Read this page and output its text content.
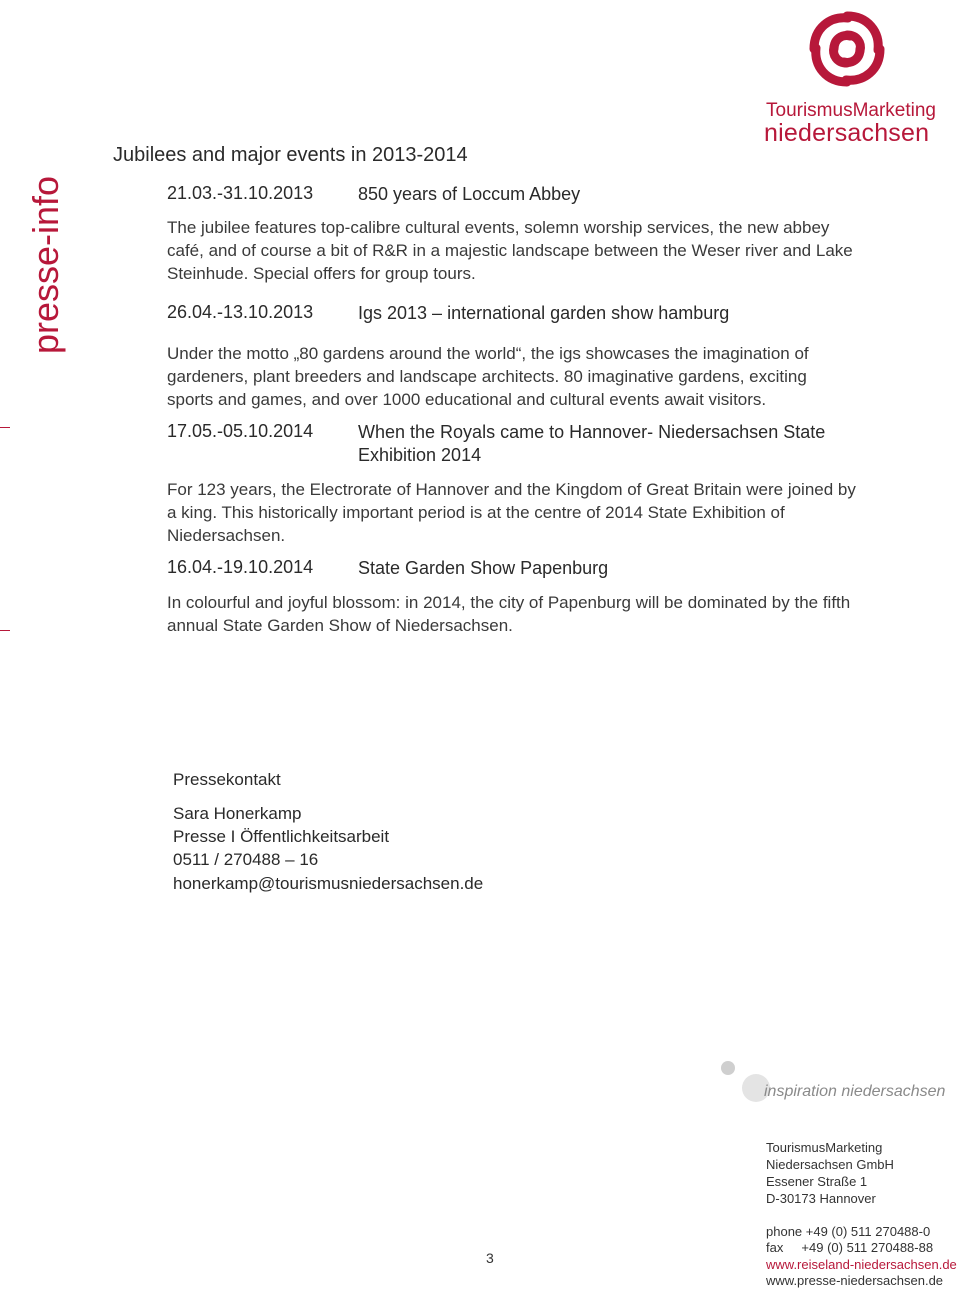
presse-info
TourismusMarketing
niedersachsen
Jubilees and major events in 2013-2014
21.03.-31.10.2013 850 years of Loccum Abbey
The jubilee features top-calibre cultural events, solemn worship services, the new abbey café, and of course a bit of R&R in a majestic landscape between the Weser river and Lake Steinhude. Special offers for group tours.
26.04.-13.10.2013 Igs 2013 – international garden show hamburg
Under the motto „80 gardens around the world“, the igs showcases the imagination of gardeners, plant breeders and landscape architects. 80 imaginative gardens, exciting sports and games, and over 1000 educational and cultural events await visitors.
17.05.-05.10.2014 When the Royals came to Hannover- Niedersachsen State Exhibition 2014
For 123 years, the Electrorate of Hannover and the Kingdom of Great Britain were joined by a king. This historically important period is at the centre of 2014 State Exhibition of Niedersachsen.
16.04.-19.10.2014 State Garden Show Papenburg
In colourful and joyful blossom: in 2014, the city of Papenburg will be dominated by the fifth annual State Garden Show of Niedersachsen.
Pressekontakt
Sara Honerkamp
Presse I Öffentlichkeitsarbeit
0511 / 270488 – 16
honerkamp@tourismusniedersachsen.de
inspiration niedersachsen
TourismusMarketing
Niedersachsen GmbH
Essener Straße 1
D-30173 Hannover
phone +49 (0) 511 270488-0
fax     +49 (0) 511 270488-88
www.reiseland-niedersachsen.de
www.presse-niedersachsen.de
3
